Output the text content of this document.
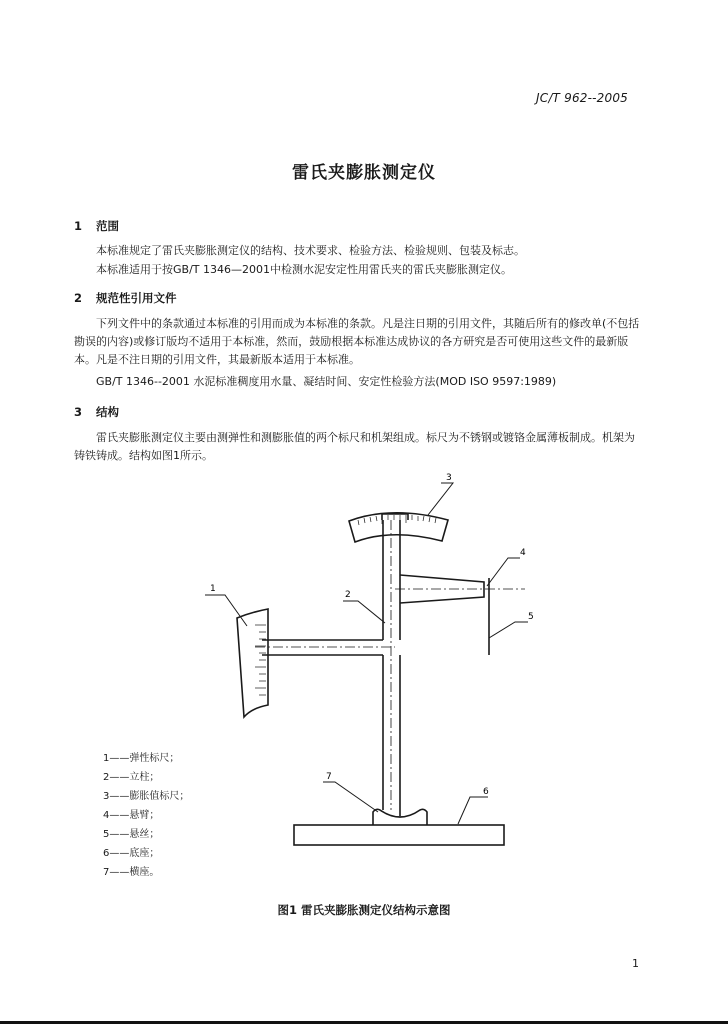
JC/T 962--2005
雷氏夹膨胀测定仪
1 范围
本标准规定了雷氏夹膨胀测定仪的结构、技术要求、检验方法、检验规则、包装及标志。
本标准适用于按GB/T 1346—2001中检测水泥安定性用雷氏夹的雷氏夹膨胀测定仪。
2 规范性引用文件
下列文件中的条款通过本标准的引用而成为本标准的条款。凡是注日期的引用文件，其随后所有的修改单(不包括勘误的内容)或修订版均不适用于本标准，然而，鼓励根据本标准达成协议的各方研究是否可使用这些文件的最新版本。凡是不注日期的引用文件，其最新版本适用于本标准。
GB/T 1346--2001 水泥标准稠度用水量、凝结时间、安定性检验方法(MOD ISO 9597:1989)
3 结构
雷氏夹膨胀测定仪主要由测弹性和测膨胀值的两个标尺和机架组成。标尺为不锈钢或镀铬金属薄板制成。机架为铸铁铸成。结构如图1所示。
1
2
3
4
5
6
7
1——弹性标尺；
2——立柱；
3——膨胀值标尺；
4——悬臂；
5——悬丝；
6——底座；
7——横座。
图1 雷氏夹膨胀测定仪结构示意图
1
